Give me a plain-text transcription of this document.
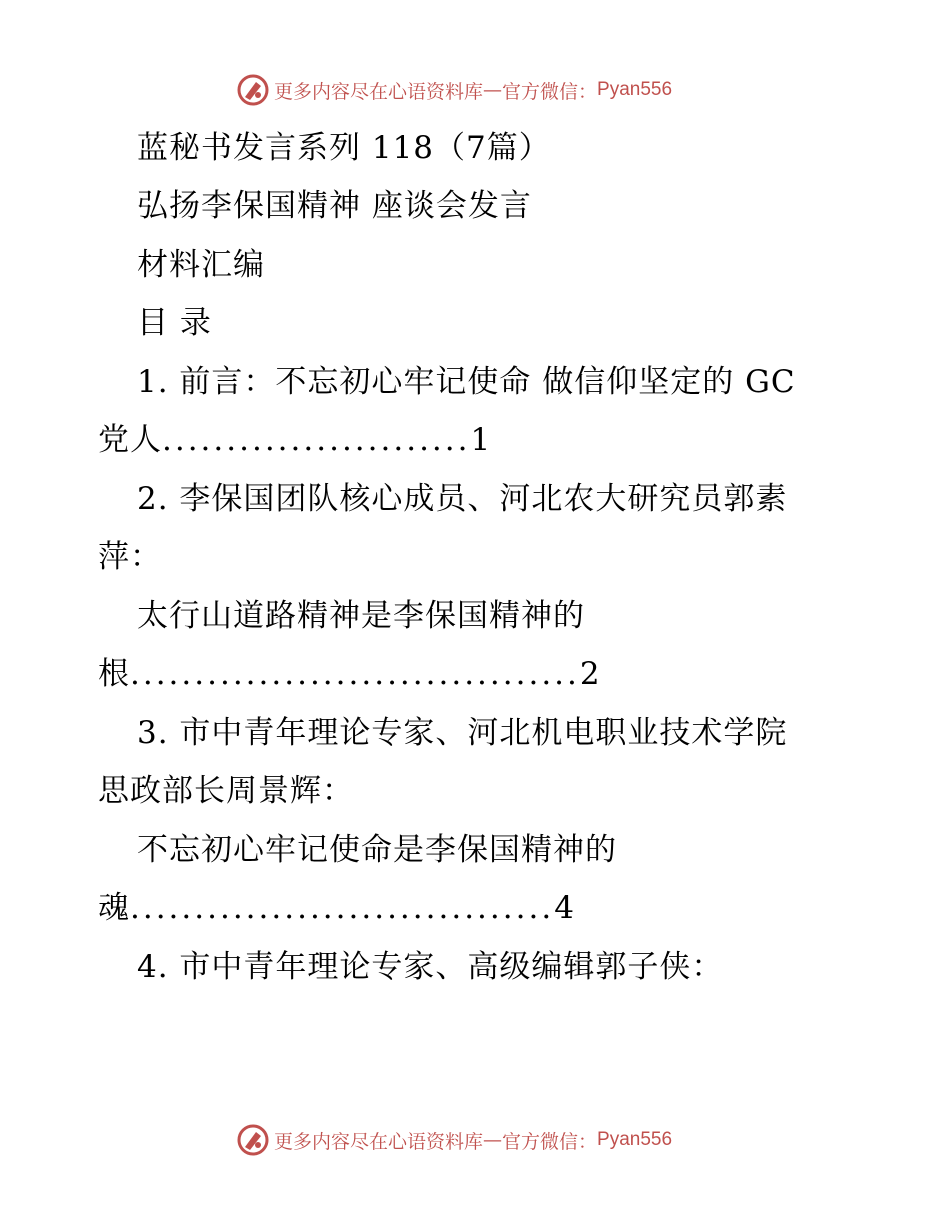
更多内容尽在心语资料库 — 官方微信： Pyan556
蓝秘书发言系列 118（7篇）
弘扬李保国精神 座谈会发言
材料汇编
目 录
1. 前言：不忘初心牢记使命 做信仰坚定的 GC
党人........................1
2. 李保国团队核心成员、河北农大研究员郭素
萍：
太行山道路精神是李保国精神的
根...................................2
3. 市中青年理论专家、河北机电职业技术学院
思政部长周景辉：
不忘初心牢记使命是李保国精神的
魂.................................4
4. 市中青年理论专家、高级编辑郭子侠：
更多内容尽在心语资料库 — 官方微信： Pyan556
